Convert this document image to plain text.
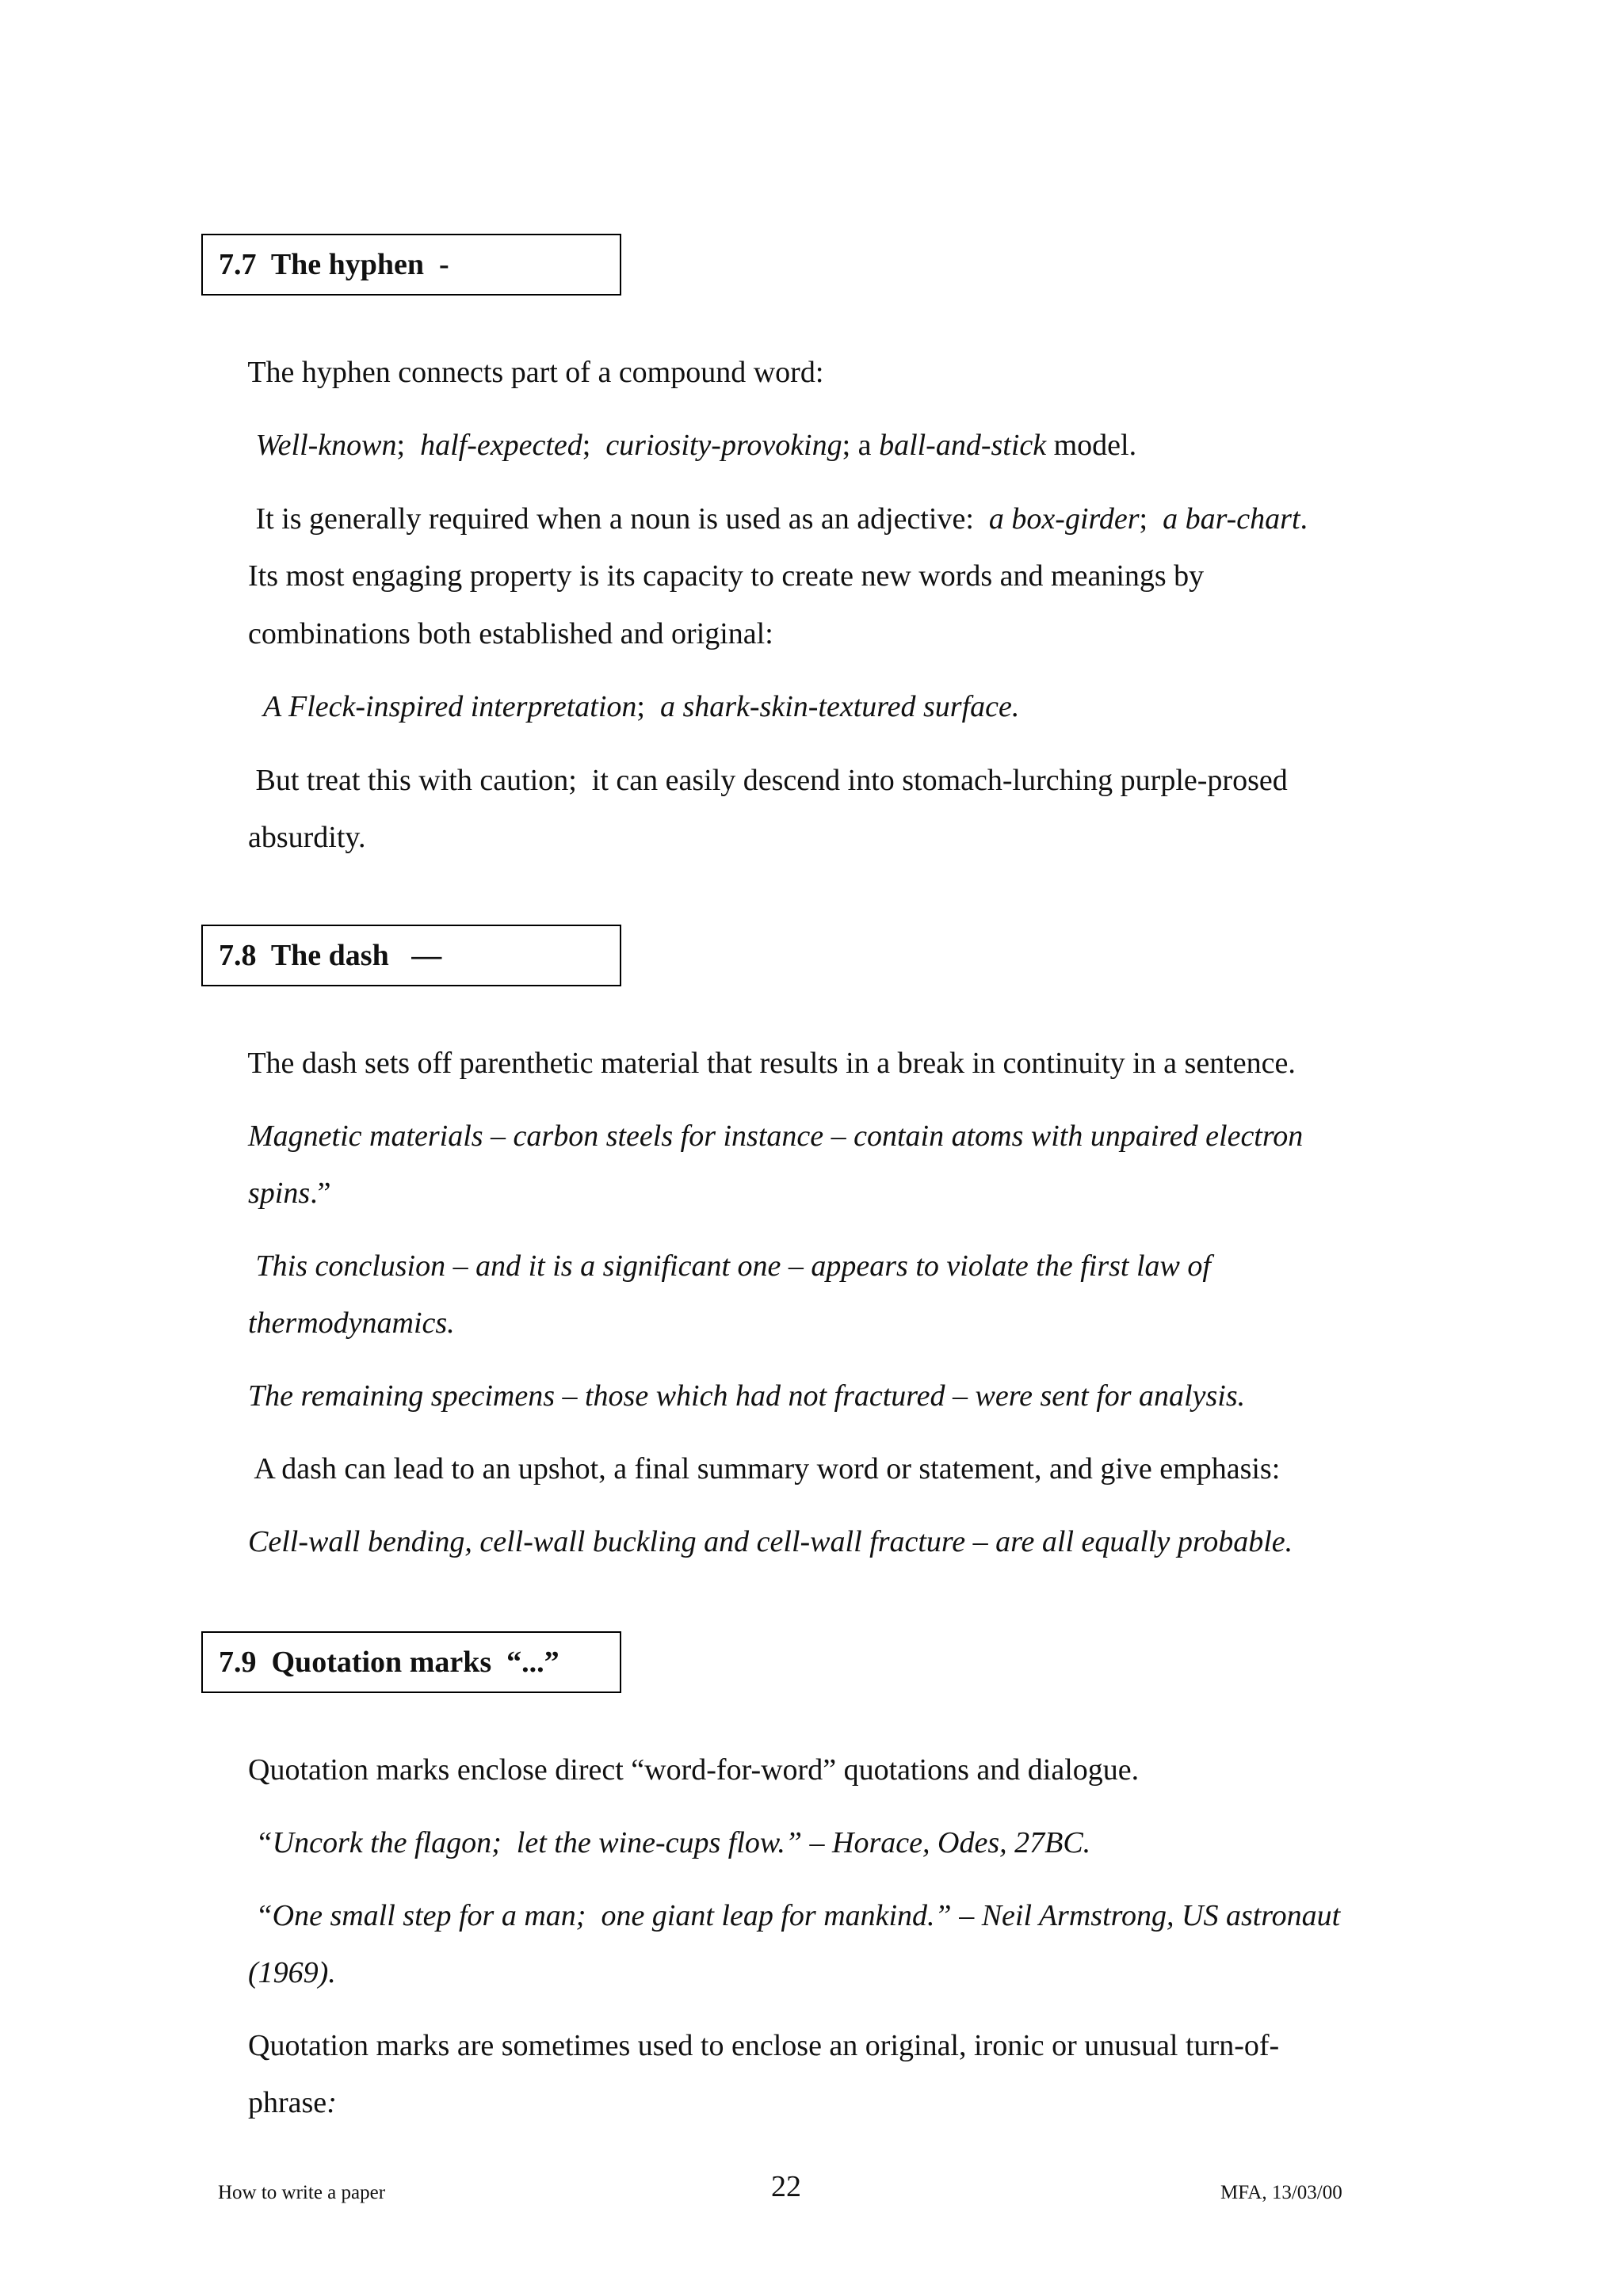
7.7  The hyphen  -

The hyphen connects part of a compound word:

Well-known;  half-expected;  curiosity-provoking; a ball-and-stick model.

It is generally required when a noun is used as an adjective:  a box-girder;  a bar-chart.

Its most engaging property is its capacity to create new words and meanings by

combinations both established and original:

A Fleck-inspired interpretation;  a shark-skin-textured surface.

But treat this with caution;  it can easily descend into stomach-lurching purple-prosed

absurdity.

7.8  The dash   —

The dash sets off parenthetic material that results in a break in continuity in a sentence.

Magnetic materials – carbon steels for instance – contain atoms with unpaired electron

spins.”

This conclusion – and it is a significant one – appears to violate the first law of

thermodynamics.

The remaining specimens – those which had not fractured – were sent for analysis.

A dash can lead to an upshot, a final summary word or statement, and give emphasis:

Cell-wall bending, cell-wall buckling and cell-wall fracture – are all equally probable.

7.9  Quotation marks  “...”

Quotation marks enclose direct “word-for-word” quotations and dialogue.

“Uncork the flagon;  let the wine-cups flow.” – Horace, Odes, 27BC.

“One small step for a man;  one giant leap for mankind.” – Neil Armstrong, US astronaut

(1969).

Quotation marks are sometimes used to enclose an original, ironic or unusual turn-of-

phrase:

How to write a paper	22	MFA, 13/03/00
